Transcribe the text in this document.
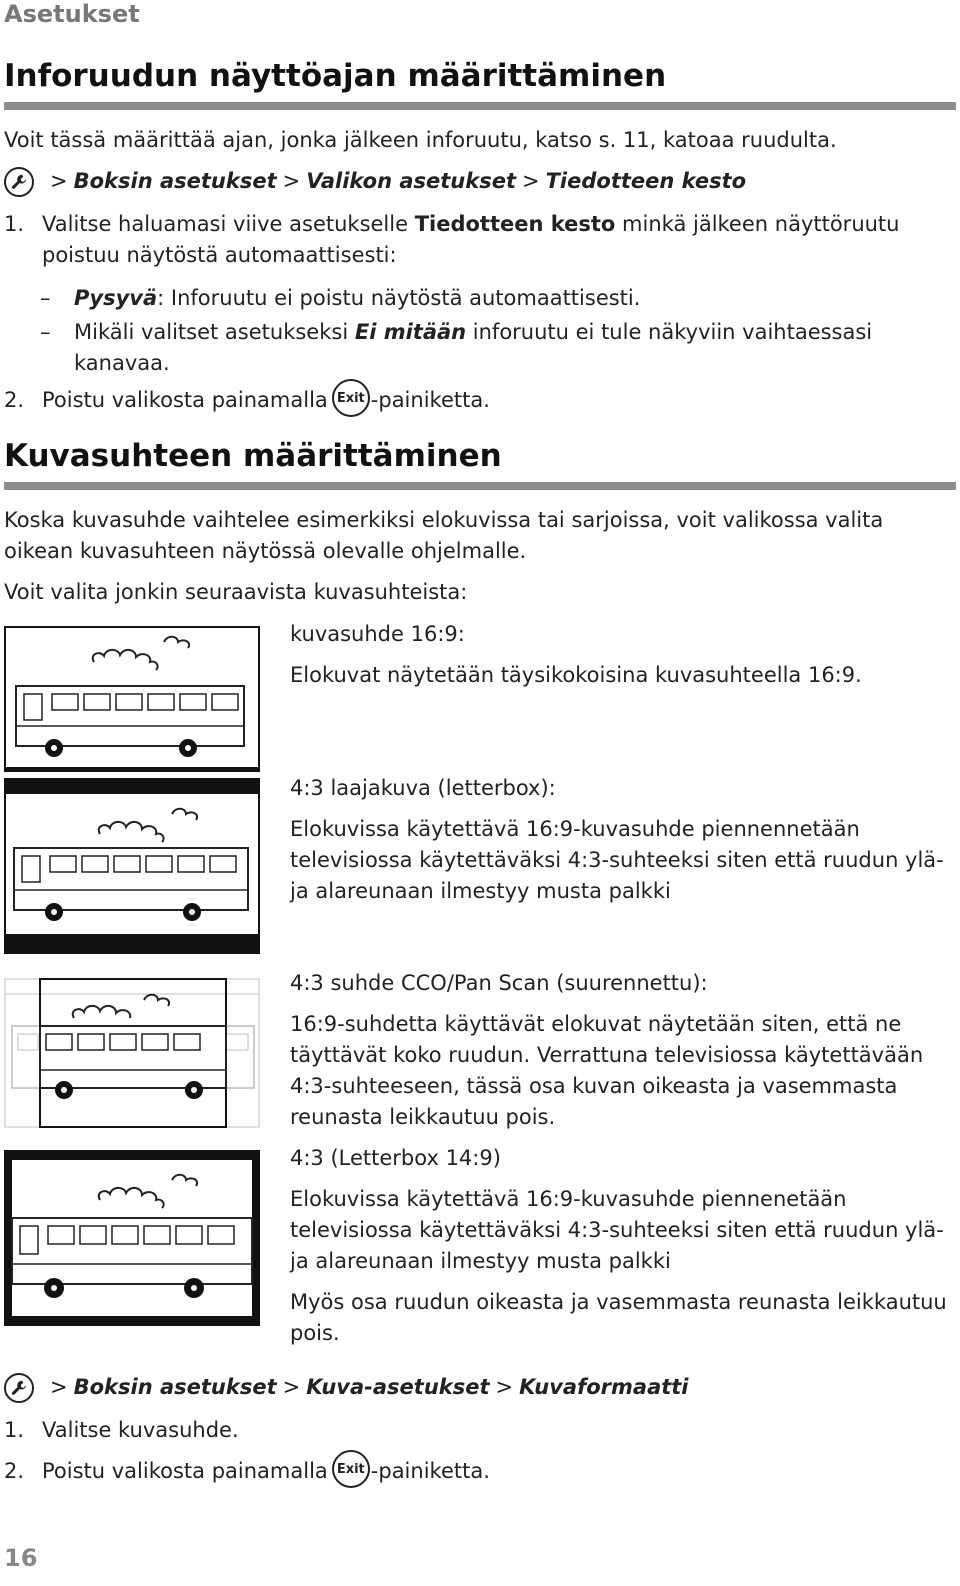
Asetukset
Inforuudun näyttöajan määrittäminen
Voit tässä määrittää ajan, jonka jälkeen inforuutu, katso s. 11, katoaa ruudulta.
> Boksin asetukset > Valikon asetukset > Tiedotteen kesto
1. Valitse haluamasi viive asetukselle Tiedotteen kesto minkä jälkeen näyttöruutu poistuu näytöstä automaattisesti:
– Pysyvä: Inforuutu ei poistu näytöstä automaattisesti.
– Mikäli valitset asetukseksi Ei mitään inforuutu ei tule näkyviin vaihtaessasi kanavaa.
2. Poistu valikosta painamalla Exit -painiketta.
Kuvasuhteen määrittäminen
Koska kuvasuhde vaihtelee esimerkiksi elokuvissa tai sarjoissa, voit valikossa valita oikean kuvasuhteen näytössä olevalle ohjelmalle.
Voit valita jonkin seuraavista kuvasuhteista:
kuvasuhde 16:9:
Elokuvat näytetään täysikokoisina kuvasuhteella 16:9.
4:3 laajakuva (letterbox):
Elokuvissa käytettävä 16:9-kuvasuhde piennennetään televisiossa käytettäväksi 4:3-suhteeksi siten että ruudun ylä- ja alareunaan ilmestyy musta palkki
4:3 suhde CCO/Pan Scan (suurennettu):
16:9-suhdetta käyttävät elokuvat näytetään siten, että ne täyttävät koko ruudun. Verrattuna televisiossa käytettävään 4:3-suhteeseen, tässä osa kuvan oikeasta ja vasemmasta reunasta leikkautuu pois.
4:3 (Letterbox 14:9)
Elokuvissa käytettävä 16:9-kuvasuhde piennenetään televisiossa käytettäväksi 4:3-suhteeksi siten että ruudun ylä- ja alareunaan ilmestyy musta palkki
Myös osa ruudun oikeasta ja vasemmasta reunasta leikkautuu pois.
> Boksin asetukset > Kuva-asetukset > Kuvaformaatti
1. Valitse kuvasuhde.
2. Poistu valikosta painamalla Exit -painiketta.
16
